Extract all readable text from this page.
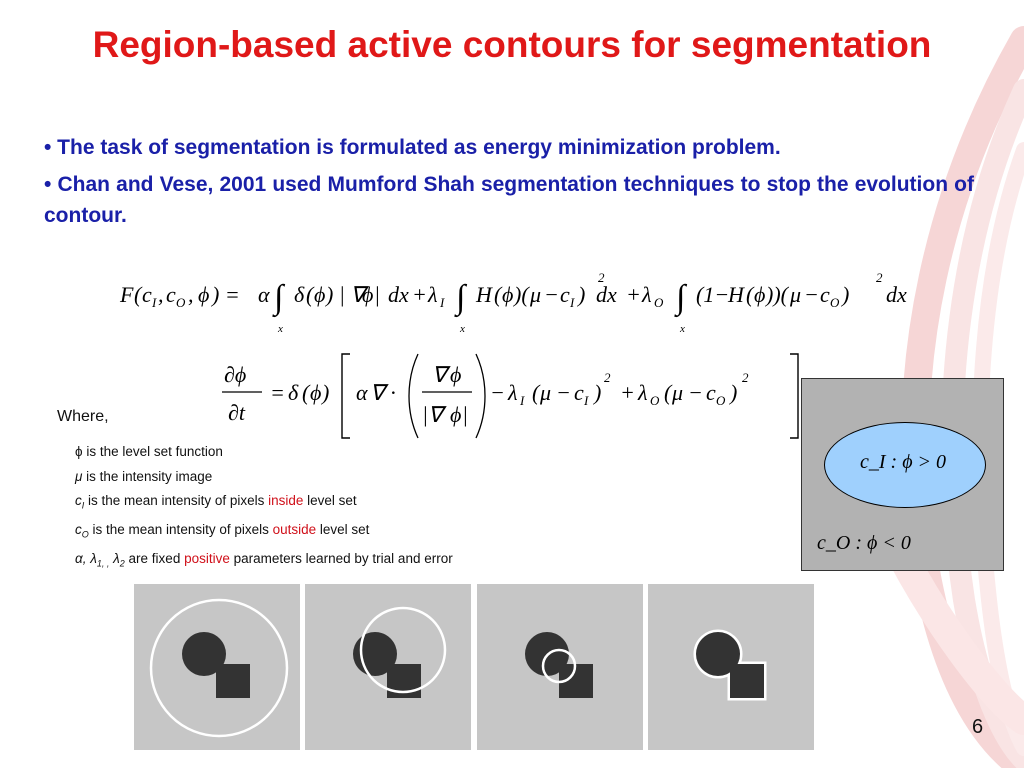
Region-based active contours for segmentation

• The task of segmentation is formulated as energy minimization problem.

• Chan and Vese, 2001 used Mumford Shah segmentation techniques to stop the evolution of contour.

F ( c I , c O , ϕ ) = α ∫
x
δ ( ϕ ) | ∇
ϕ | dx + λ I ∫
x
H ( ϕ )( μ − c I )
2
dx + λ O ∫
x
(1−
H ( ϕ ))( μ − c O )
2
dx
∂ϕ
∂t
= δ ( ϕ ) α ∇ ·
∇ ϕ
|∇ ϕ |
− λ I ( μ − c I )
2
+ λ O ( μ − c O )
2
Where,
ϕ is the level set function
μ is the intensity image
$c_I$ is the mean intensity of pixels inside level set
$c_O$ is the mean intensity of pixels outside level set
α, $\lambda_{1, ,}$ $\lambda_2$ are fixed positive parameters learned by trial and error
c_I : ϕ > 0
c_O : ϕ < 0
6
